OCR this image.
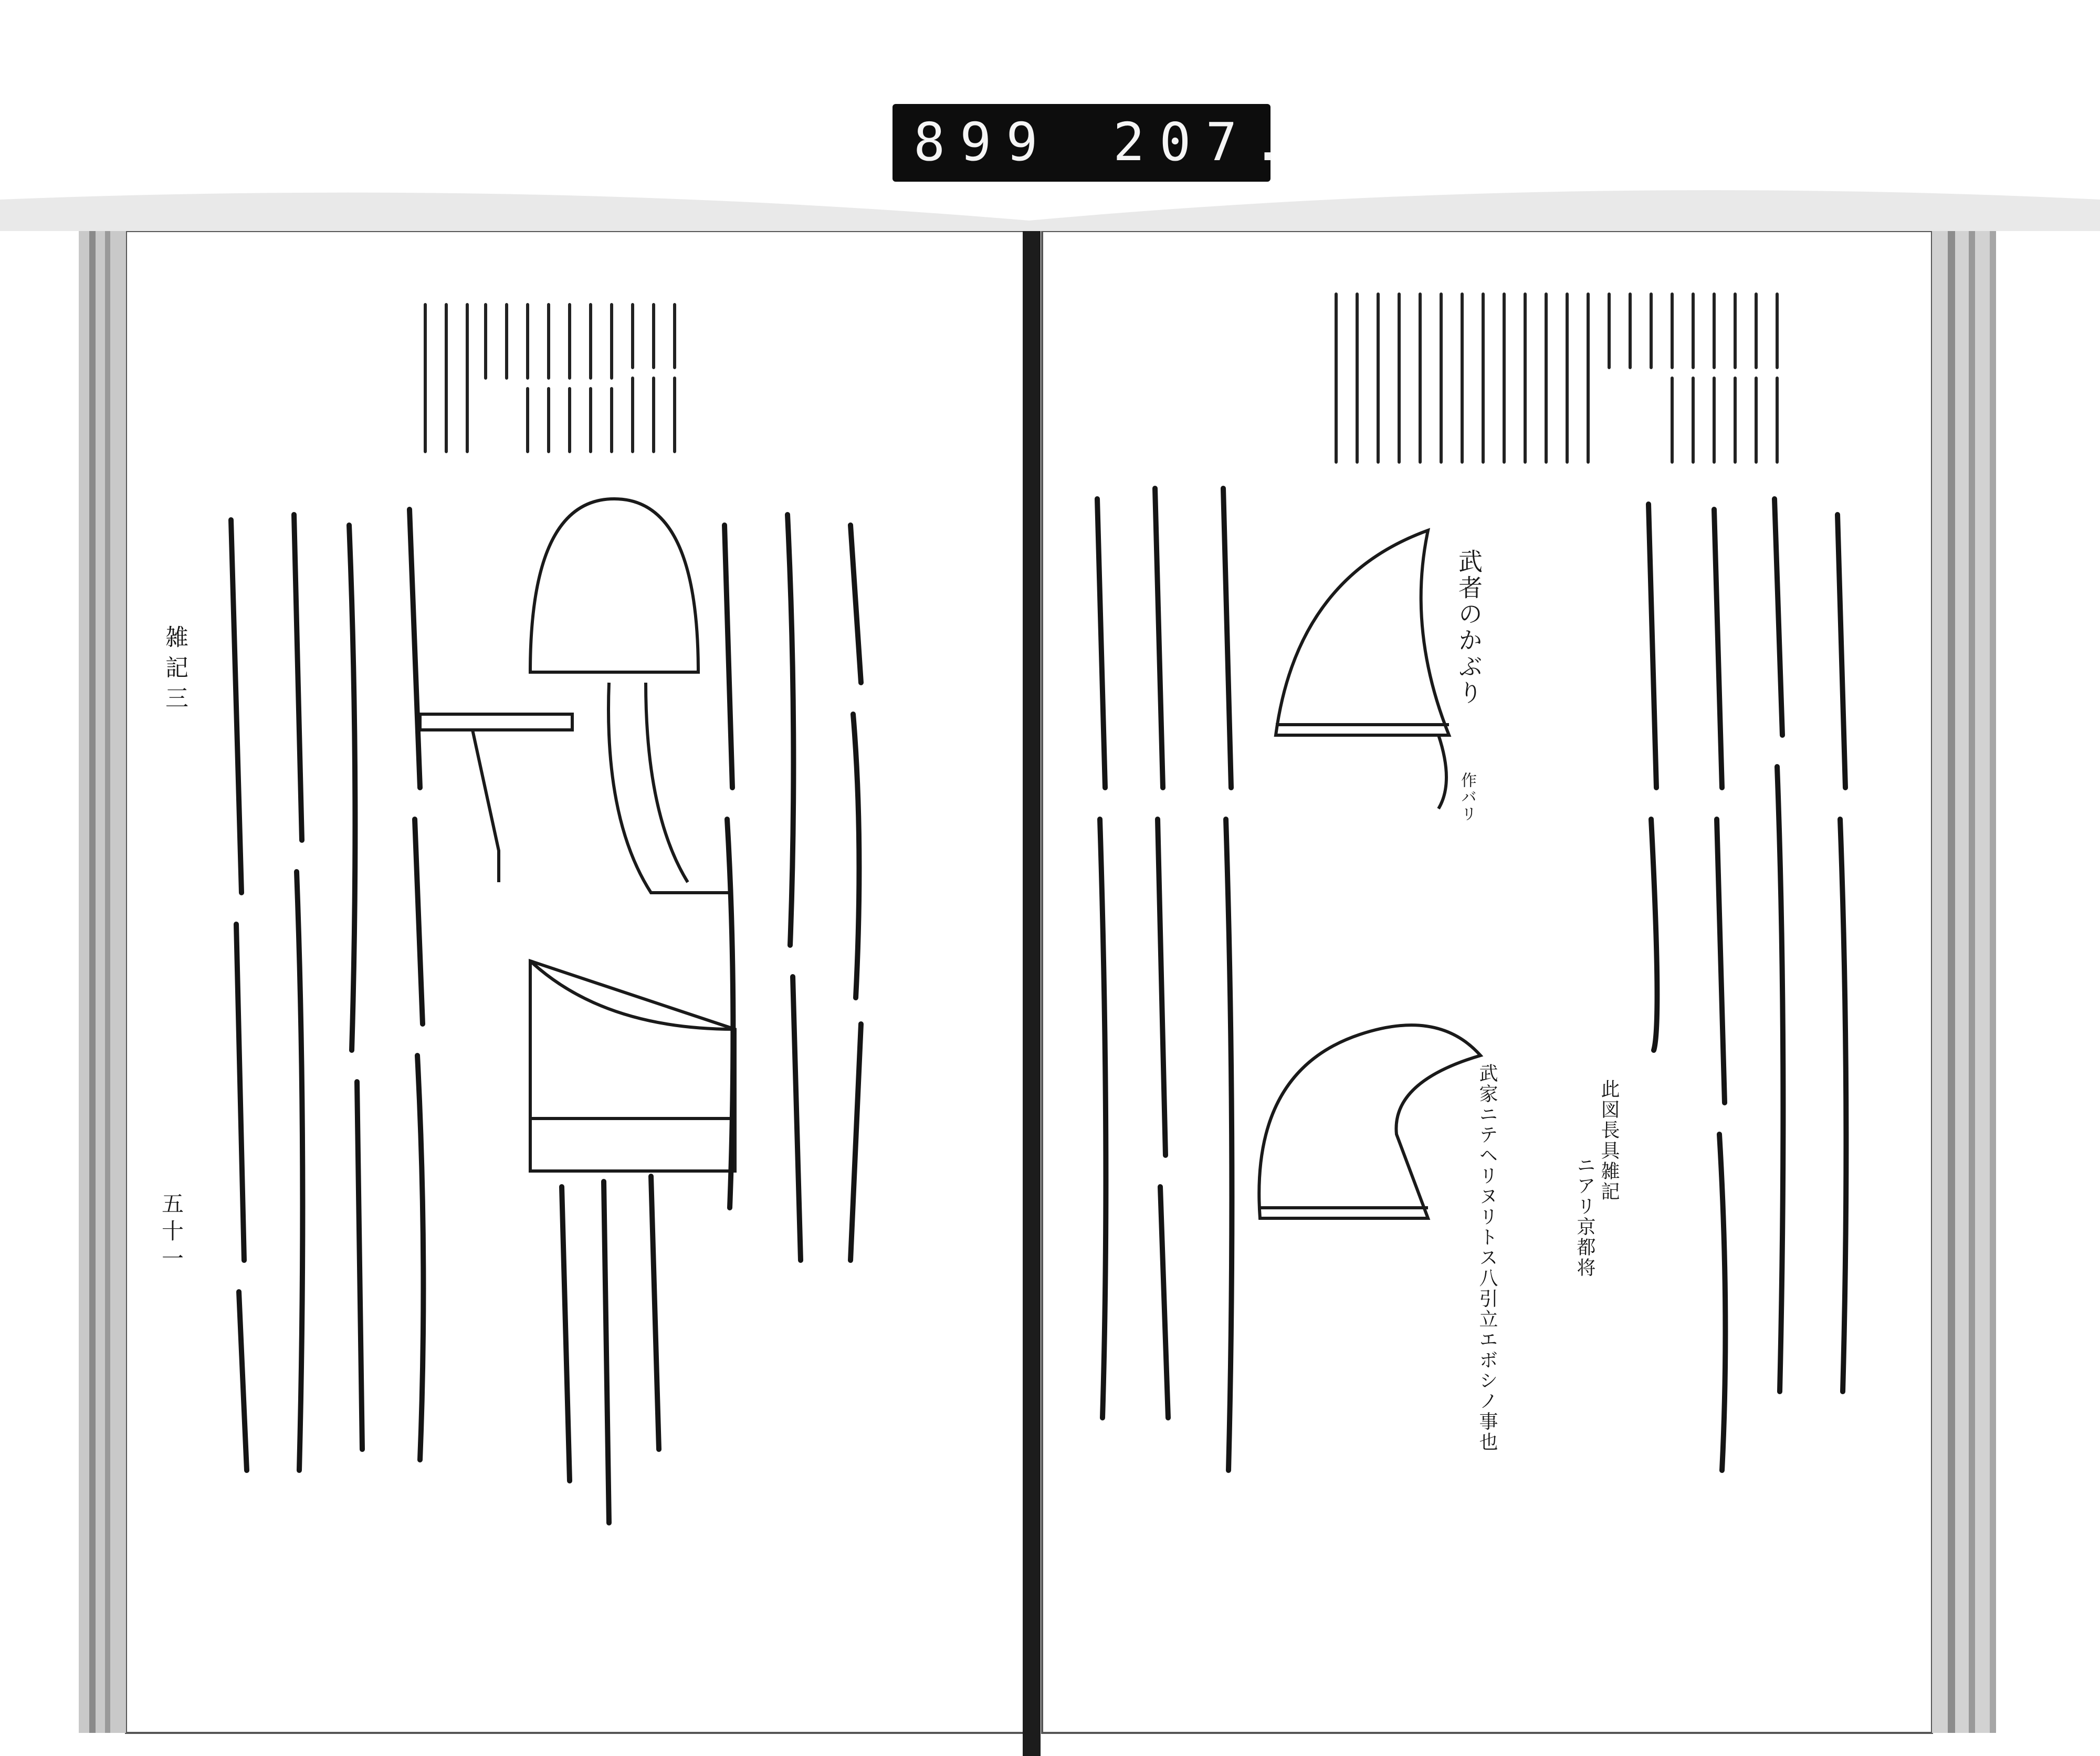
899	207.
雑記三
五十一
武者のかぶり
作バリ
武家ニテヘリヌリトス八引立エボシノ事也	此図長具雑記
ニアリ京都将
